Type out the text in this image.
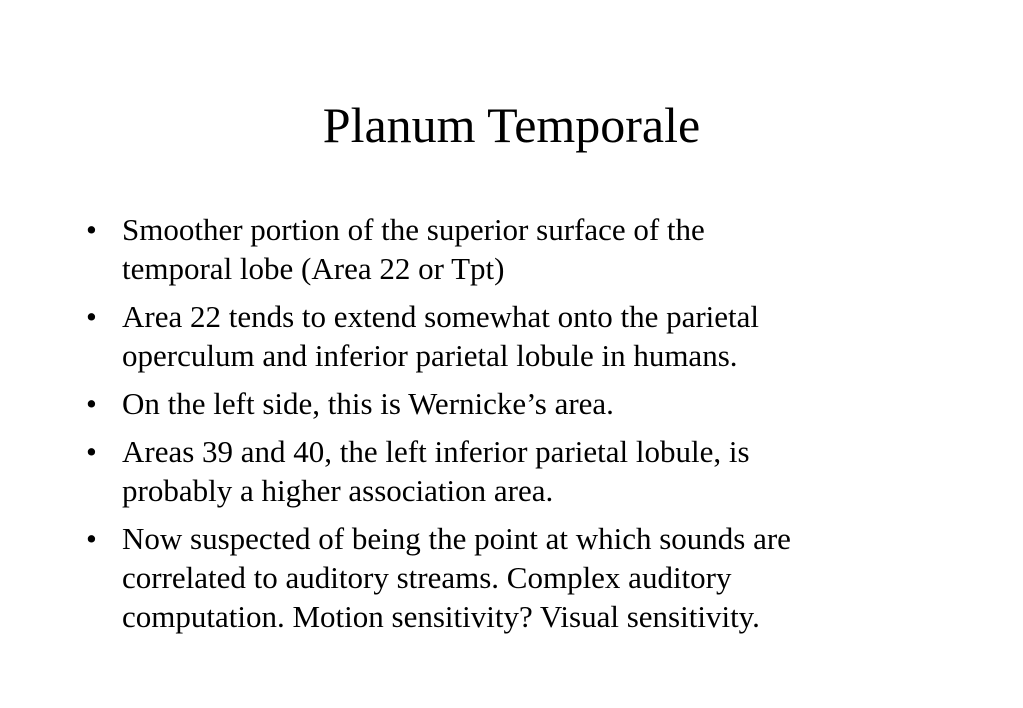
Planum Temporale
• Smoother portion of the superior surface of the
temporal lobe (Area 22 or Tpt)
• Area 22 tends to extend somewhat onto the parietal
operculum and inferior parietal lobule in humans.
• On the left side, this is Wernicke’s area.
• Areas 39 and 40, the left inferior parietal lobule, is
probably a higher association area.
• Now suspected of being the point at which sounds are
correlated to auditory streams. Complex auditory
computation. Motion sensitivity? Visual sensitivity.
